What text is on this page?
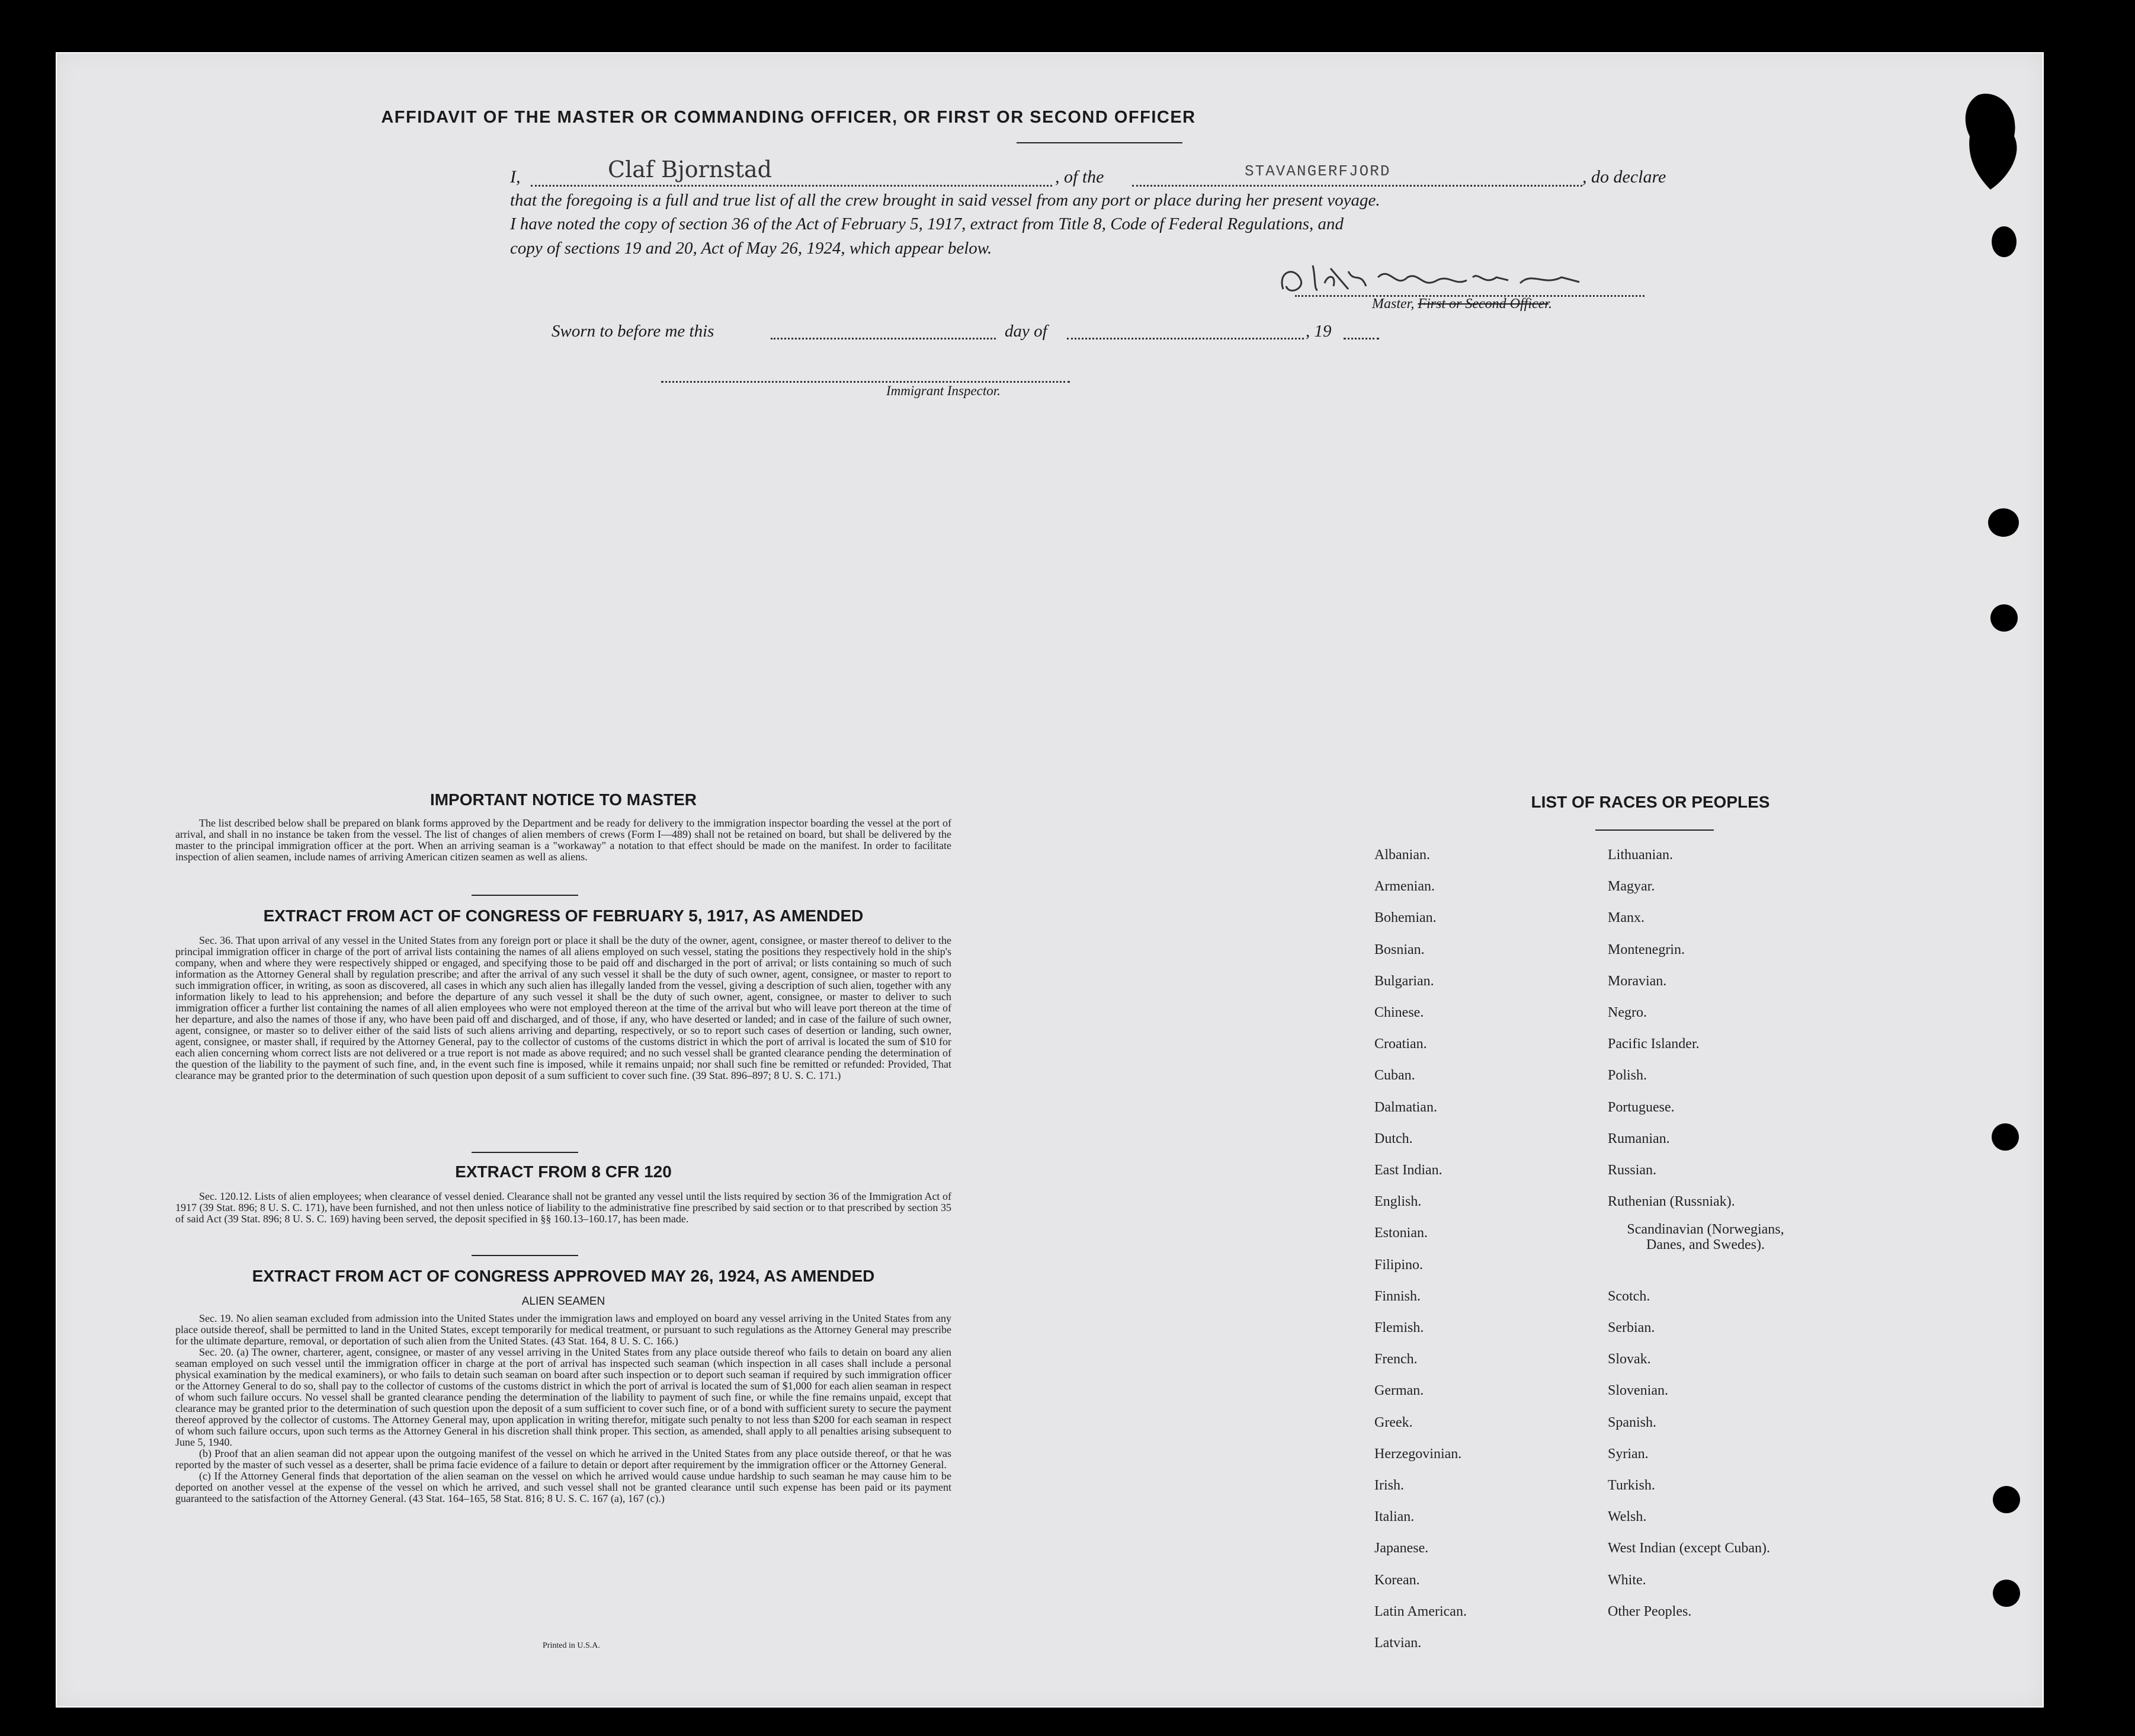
AFFIDAVIT OF THE MASTER OR COMMANDING OFFICER, OR FIRST OR SECOND OFFICER
I,	Claf Bjornstad	, of the	STAVANGERFJORD	, do declare
that the foregoing is a full and true list of all the crew brought in said vessel from any port or place during her present voyage.
I have noted the copy of section 36 of the Act of February 5, 1917, extract from Title 8, Code of Federal Regulations, and
copy of sections 19 and 20, Act of May 26, 1924, which appear below.
Master, First or Second Officer.
Sworn to before me this	day of	, 19
Immigrant Inspector.
IMPORTANT NOTICE TO MASTER
The list described below shall be prepared on blank forms approved by the Department and be ready for delivery to the immigration inspector boarding the vessel at the port of arrival, and shall in no instance be taken from the vessel. The list of changes of alien members of crews (Form I—489) shall not be retained on board, but shall be delivered by the master to the principal immigration officer at the port. When an arriving seaman is a "workaway" a notation to that effect should be made on the manifest. In order to facilitate inspection of alien seamen, include names of arriving American citizen seamen as well as aliens.
EXTRACT FROM ACT OF CONGRESS OF FEBRUARY 5, 1917, AS AMENDED
Sec. 36. That upon arrival of any vessel in the United States from any foreign port or place it shall be the duty of the owner, agent, consignee, or master thereof to deliver to the principal immigration officer in charge of the port of arrival lists containing the names of all aliens employed on such vessel, stating the positions they respectively hold in the ship's company, when and where they were respectively shipped or engaged, and specifying those to be paid off and discharged in the port of arrival; or lists containing so much of such information as the Attorney General shall by regulation prescribe; and after the arrival of any such vessel it shall be the duty of such owner, agent, consignee, or master to report to such immigration officer, in writing, as soon as discovered, all cases in which any such alien has illegally landed from the vessel, giving a description of such alien, together with any information likely to lead to his apprehension; and before the departure of any such vessel it shall be the duty of such owner, agent, consignee, or master to deliver to such immigration officer a further list containing the names of all alien employees who were not employed thereon at the time of the arrival but who will leave port thereon at the time of her departure, and also the names of those if any, who have been paid off and discharged, and of those, if any, who have deserted or landed; and in case of the failure of such owner, agent, consignee, or master so to deliver either of the said lists of such aliens arriving and departing, respectively, or so to report such cases of desertion or landing, such owner, agent, consignee, or master shall, if required by the Attorney General, pay to the collector of customs of the customs district in which the port of arrival is located the sum of $10 for each alien concerning whom correct lists are not delivered or a true report is not made as above required; and no such vessel shall be granted clearance pending the determination of the question of the liability to the payment of such fine, and, in the event such fine is imposed, while it remains unpaid; nor shall such fine be remitted or refunded: Provided, That clearance may be granted prior to the determination of such question upon deposit of a sum sufficient to cover such fine. (39 Stat. 896–897; 8 U. S. C. 171.)
EXTRACT FROM 8 CFR 120
Sec. 120.12. Lists of alien employees; when clearance of vessel denied. Clearance shall not be granted any vessel until the lists required by section 36 of the Immigration Act of 1917 (39 Stat. 896; 8 U. S. C. 171), have been furnished, and not then unless notice of liability to the administrative fine prescribed by said section or to that prescribed by section 35 of said Act (39 Stat. 896; 8 U. S. C. 169) having been served, the deposit specified in §§ 160.13–160.17, has been made.
EXTRACT FROM ACT OF CONGRESS APPROVED MAY 26, 1924, AS AMENDED
ALIEN SEAMEN
Sec. 19. No alien seaman excluded from admission into the United States under the immigration laws and employed on board any vessel arriving in the United States from any place outside thereof, shall be permitted to land in the United States, except temporarily for medical treatment, or pursuant to such regulations as the Attorney General may prescribe for the ultimate departure, removal, or deportation of such alien from the United States. (43 Stat. 164, 8 U. S. C. 166.)
Sec. 20. (a) The owner, charterer, agent, consignee, or master of any vessel arriving in the United States from any place outside thereof who fails to detain on board any alien seaman employed on such vessel until the immigration officer in charge at the port of arrival has inspected such seaman (which inspection in all cases shall include a personal physical examination by the medical examiners), or who fails to detain such seaman on board after such inspection or to deport such seaman if required by such immigration officer or the Attorney General to do so, shall pay to the collector of customs of the customs district in which the port of arrival is located the sum of $1,000 for each alien seaman in respect of whom such failure occurs. No vessel shall be granted clearance pending the determination of the liability to payment of such fine, or while the fine remains unpaid, except that clearance may be granted prior to the determination of such question upon the deposit of a sum sufficient to cover such fine, or of a bond with sufficient surety to secure the payment thereof approved by the collector of customs. The Attorney General may, upon application in writing therefor, mitigate such penalty to not less than $200 for each seaman in respect of whom such failure occurs, upon such terms as the Attorney General in his discretion shall think proper. This section, as amended, shall apply to all penalties arising subsequent to June 5, 1940.
(b) Proof that an alien seaman did not appear upon the outgoing manifest of the vessel on which he arrived in the United States from any place outside thereof, or that he was reported by the master of such vessel as a deserter, shall be prima facie evidence of a failure to detain or deport after requirement by the immigration officer or the Attorney General.
(c) If the Attorney General finds that deportation of the alien seaman on the vessel on which he arrived would cause undue hardship to such seaman he may cause him to be deported on another vessel at the expense of the vessel on which he arrived, and such vessel shall not be granted clearance until such expense has been paid or its payment guaranteed to the satisfaction of the Attorney General. (43 Stat. 164–165, 58 Stat. 816; 8 U. S. C. 167 (a), 167 (c).)
Printed in U.S.A.
LIST OF RACES OR PEOPLES
Albanian.
Armenian.
Bohemian.
Bosnian.
Bulgarian.
Chinese.
Croatian.
Cuban.
Dalmatian.
Dutch.
East Indian.
English.
Estonian.
Filipino.
Finnish.
Flemish.
French.
German.
Greek.
Herzegovinian.
Irish.
Italian.
Japanese.
Korean.
Latin American.
Latvian.
Lithuanian.
Magyar.
Manx.
Montenegrin.
Moravian.
Negro.
Pacific Islander.
Polish.
Portuguese.
Rumanian.
Russian.
Ruthenian (Russniak).
Scandinavian (Norwegians, Danes, and Swedes).
Scotch.
Serbian.
Slovak.
Slovenian.
Spanish.
Syrian.
Turkish.
Welsh.
West Indian (except Cuban).
White.
Other Peoples.
